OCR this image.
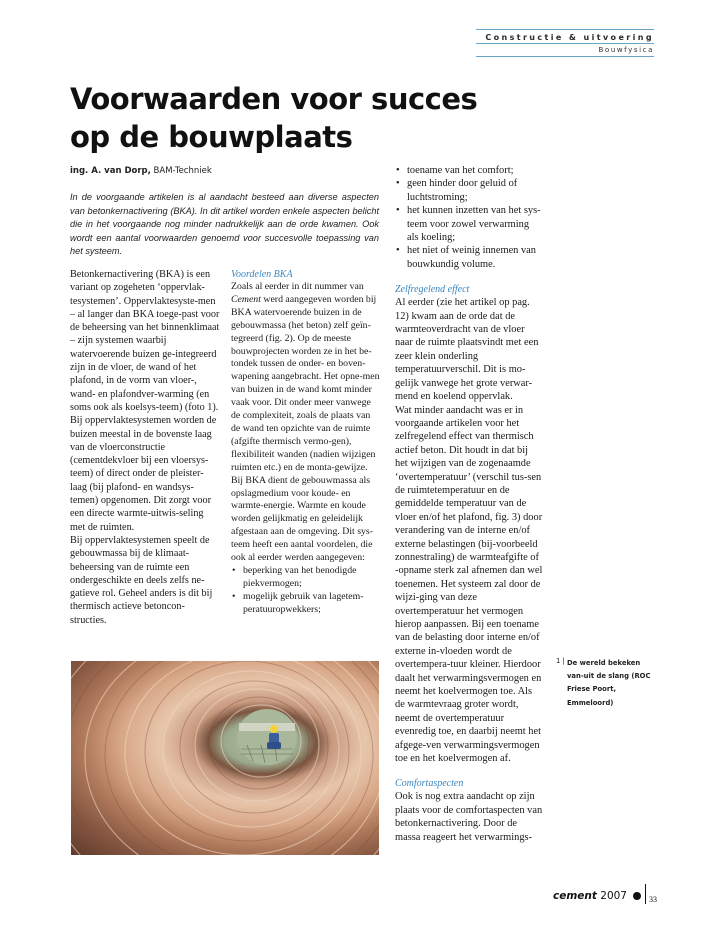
Constructie & uitvoering
Bouwfysica
Voorwaarden voor succes
op de bouwplaats
ing. A. van Dorp, BAM-Techniek

In de voorgaande artikelen is al aandacht besteed aan diverse aspecten van betonkernactivering (BKA). In dit artikel worden enkele aspecten belicht die in het voorgaande nog minder nadrukkelijk aan de orde kwamen. Ook wordt een aantal voorwaarden genoemd voor succesvolle toepassing van het systeem.

Betonkernactivering (BKA) is een variant op zogeheten ‘oppervlak-tesystemen’. Oppervlaktesyste-men – al langer dan BKA toege-past voor de beheersing van het binnenklimaat – zijn systemen waarbij watervoerende buizen ge-integreerd zijn in de vloer, de wand of het plafond, in de vorm van vloer-, wand- en plafondver-warming (en soms ook als koelsys-teem) (foto 1).

Bij oppervlaktesystemen worden de buizen meestal in de bovenste laag van de vloerconstructie (cementdekvloer bij een vloersys-teem) of direct onder de pleister-laag (bij plafond- en wandsys-temen) opgenomen. Dit zorgt voor een directe warmte-uitwis-seling met de ruimten.

Bij oppervlaktesystemen speelt de gebouwmassa bij de klimaat-beheersing van de ruimte een ondergeschikte en deels zelfs ne-gatieve rol. Geheel anders is dit bij thermisch actieve betoncon-structies.

Voordelen BKA

Zoals al eerder in dit nummer van Cement werd aangegeven worden bij BKA watervoerende buizen in de gebouwmassa (het beton) zelf geïn-tegreerd (fig. 2). Op de meeste bouwprojecten worden ze in het be-tondek tussen de onder- en boven-wapening aangebracht. Het opne-men van buizen in de wand komt minder vaak voor. Dit onder meer vanwege de complexiteit, zoals de plaats van de wand ten opzichte van de ruimte (afgifte thermisch vermo-gen), flexibiliteit wanden (nadien wijzigen ruimten etc.) en de monta-gewijze.

Bij BKA dient de gebouwmassa als opslagmedium voor koude- en warmte-energie. Warmte en koude worden gelijkmatig en geleidelijk afgestaan aan de omgeving. Dit sys-teem heeft een aantal voordelen, die ook al eerder werden aangegeven:

• beperking van het benodigde piekvermogen;
• mogelijk gebruik van lagetem-peratuuropwekkers;
• toename van het comfort;
• geen hinder door geluid of luchtstroming;
• het kunnen inzetten van het sys-teem voor zowel verwarming als koeling;
• het niet of weinig innemen van bouwkundig volume.
Zelfregelend effect

Al eerder (zie het artikel op pag. 12) kwam aan de orde dat de warmteoverdracht van de vloer naar de ruimte plaatsvindt met een zeer klein onderling temperatuurverschil. Dit is mo-gelijk vanwege het grote verwar-mend en koelend oppervlak.

Wat minder aandacht was er in voorgaande artikelen voor het zelfregelend effect van thermisch actief beton. Dit houdt in dat bij het wijzigen van de zogenaamde ‘overtemperatuur’ (verschil tus-sen de ruimtetemperatuur en de gemiddelde temperatuur van de vloer en/of het plafond, fig. 3) door verandering van de interne en/of externe belastingen (bij-voorbeeld zonnestraling) de warmteafgifte of -opname sterk zal afnemen dan wel toenemen. Het systeem zal door de wijzi-ging van deze overtemperatuur het vermogen hierop aanpassen. Bij een toename van de belasting door interne en/of externe in-vloeden wordt de overtempera-tuur kleiner. Hierdoor daalt het verwarmingsvermogen en neemt het koelvermogen toe. Als de warmtevraag groter wordt, neemt de overtemperatuur evenredig toe, en daarbij neemt het afgege-ven verwarmingsvermogen toe en het koelvermogen af.

Comfortaspecten

Ook is nog extra aandacht op zijn plaats voor de comfortaspecten van betonkernactivering. Door de massa reageert het verwarmings-

1 | De wereld bekeken van-uit de slang (ROC Friese Poort, Emmeloord)
cement 2007	33
